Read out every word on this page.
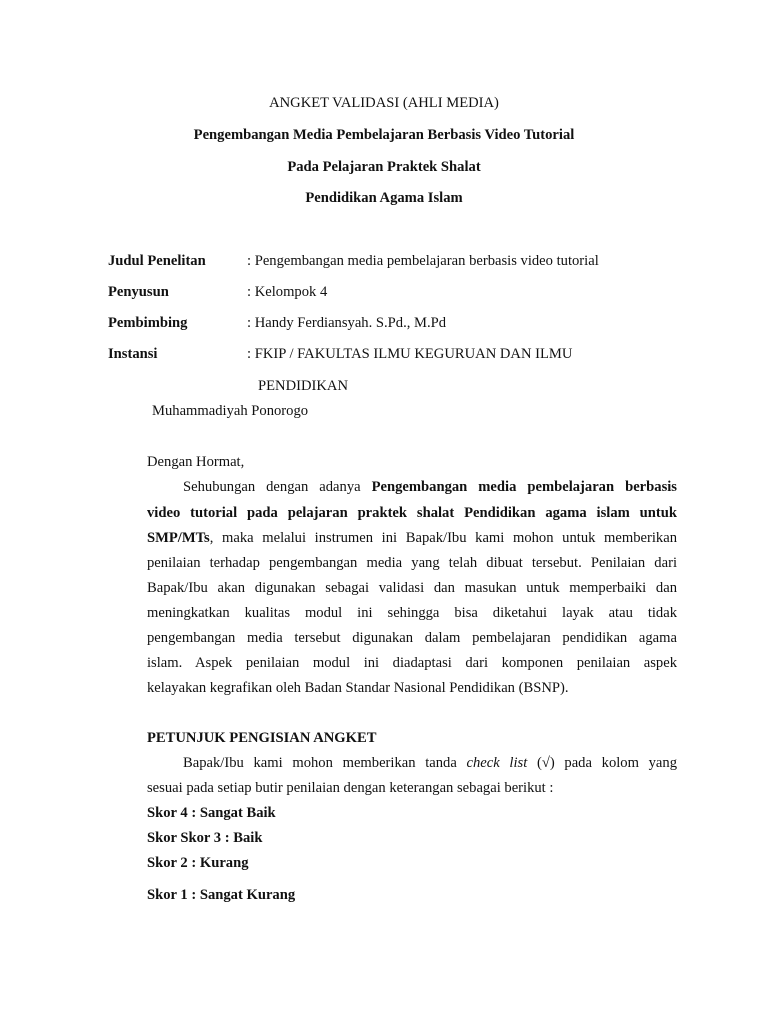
ANGKET VALIDASI (AHLI MEDIA)
Pengembangan Media Pembelajaran Berbasis Video Tutorial
Pada Pelajaran Praktek Shalat
Pendidikan Agama Islam
Judul Penelitan	: Pengembangan media pembelajaran berbasis video tutorial
Penyusun	: Kelompok 4
Pembimbing	: Handy Ferdiansyah. S.Pd., M.Pd
Instansi	: FKIP / FAKULTAS ILMU KEGURUAN DAN ILMU
PENDIDIKAN
Muhammadiyah Ponorogo
Dengan Hormat,
Sehubungan dengan adanya Pengembangan media pembelajaran berbasis
video tutorial pada pelajaran praktek shalat Pendidikan agama islam untuk
SMP/MTs, maka melalui instrumen ini Bapak/Ibu kami mohon untuk memberikan
penilaian terhadap pengembangan media yang telah dibuat tersebut. Penilaian dari
Bapak/Ibu akan digunakan sebagai validasi dan masukan untuk memperbaiki dan
meningkatkan kualitas modul ini sehingga bisa diketahui layak atau tidak
pengembangan media tersebut digunakan dalam pembelajaran pendidikan agama
islam. Aspek penilaian modul ini diadaptasi dari komponen penilaian aspek
kelayakan kegrafikan oleh Badan Standar Nasional Pendidikan (BSNP).
PETUNJUK PENGISIAN ANGKET
Bapak/Ibu kami mohon memberikan tanda check list (√) pada kolom yang
sesuai pada setiap butir penilaian dengan keterangan sebagai berikut :
Skor 4 : Sangat Baik
Skor Skor 3 : Baik
Skor 2 : Kurang
Skor 1 : Sangat Kurang
